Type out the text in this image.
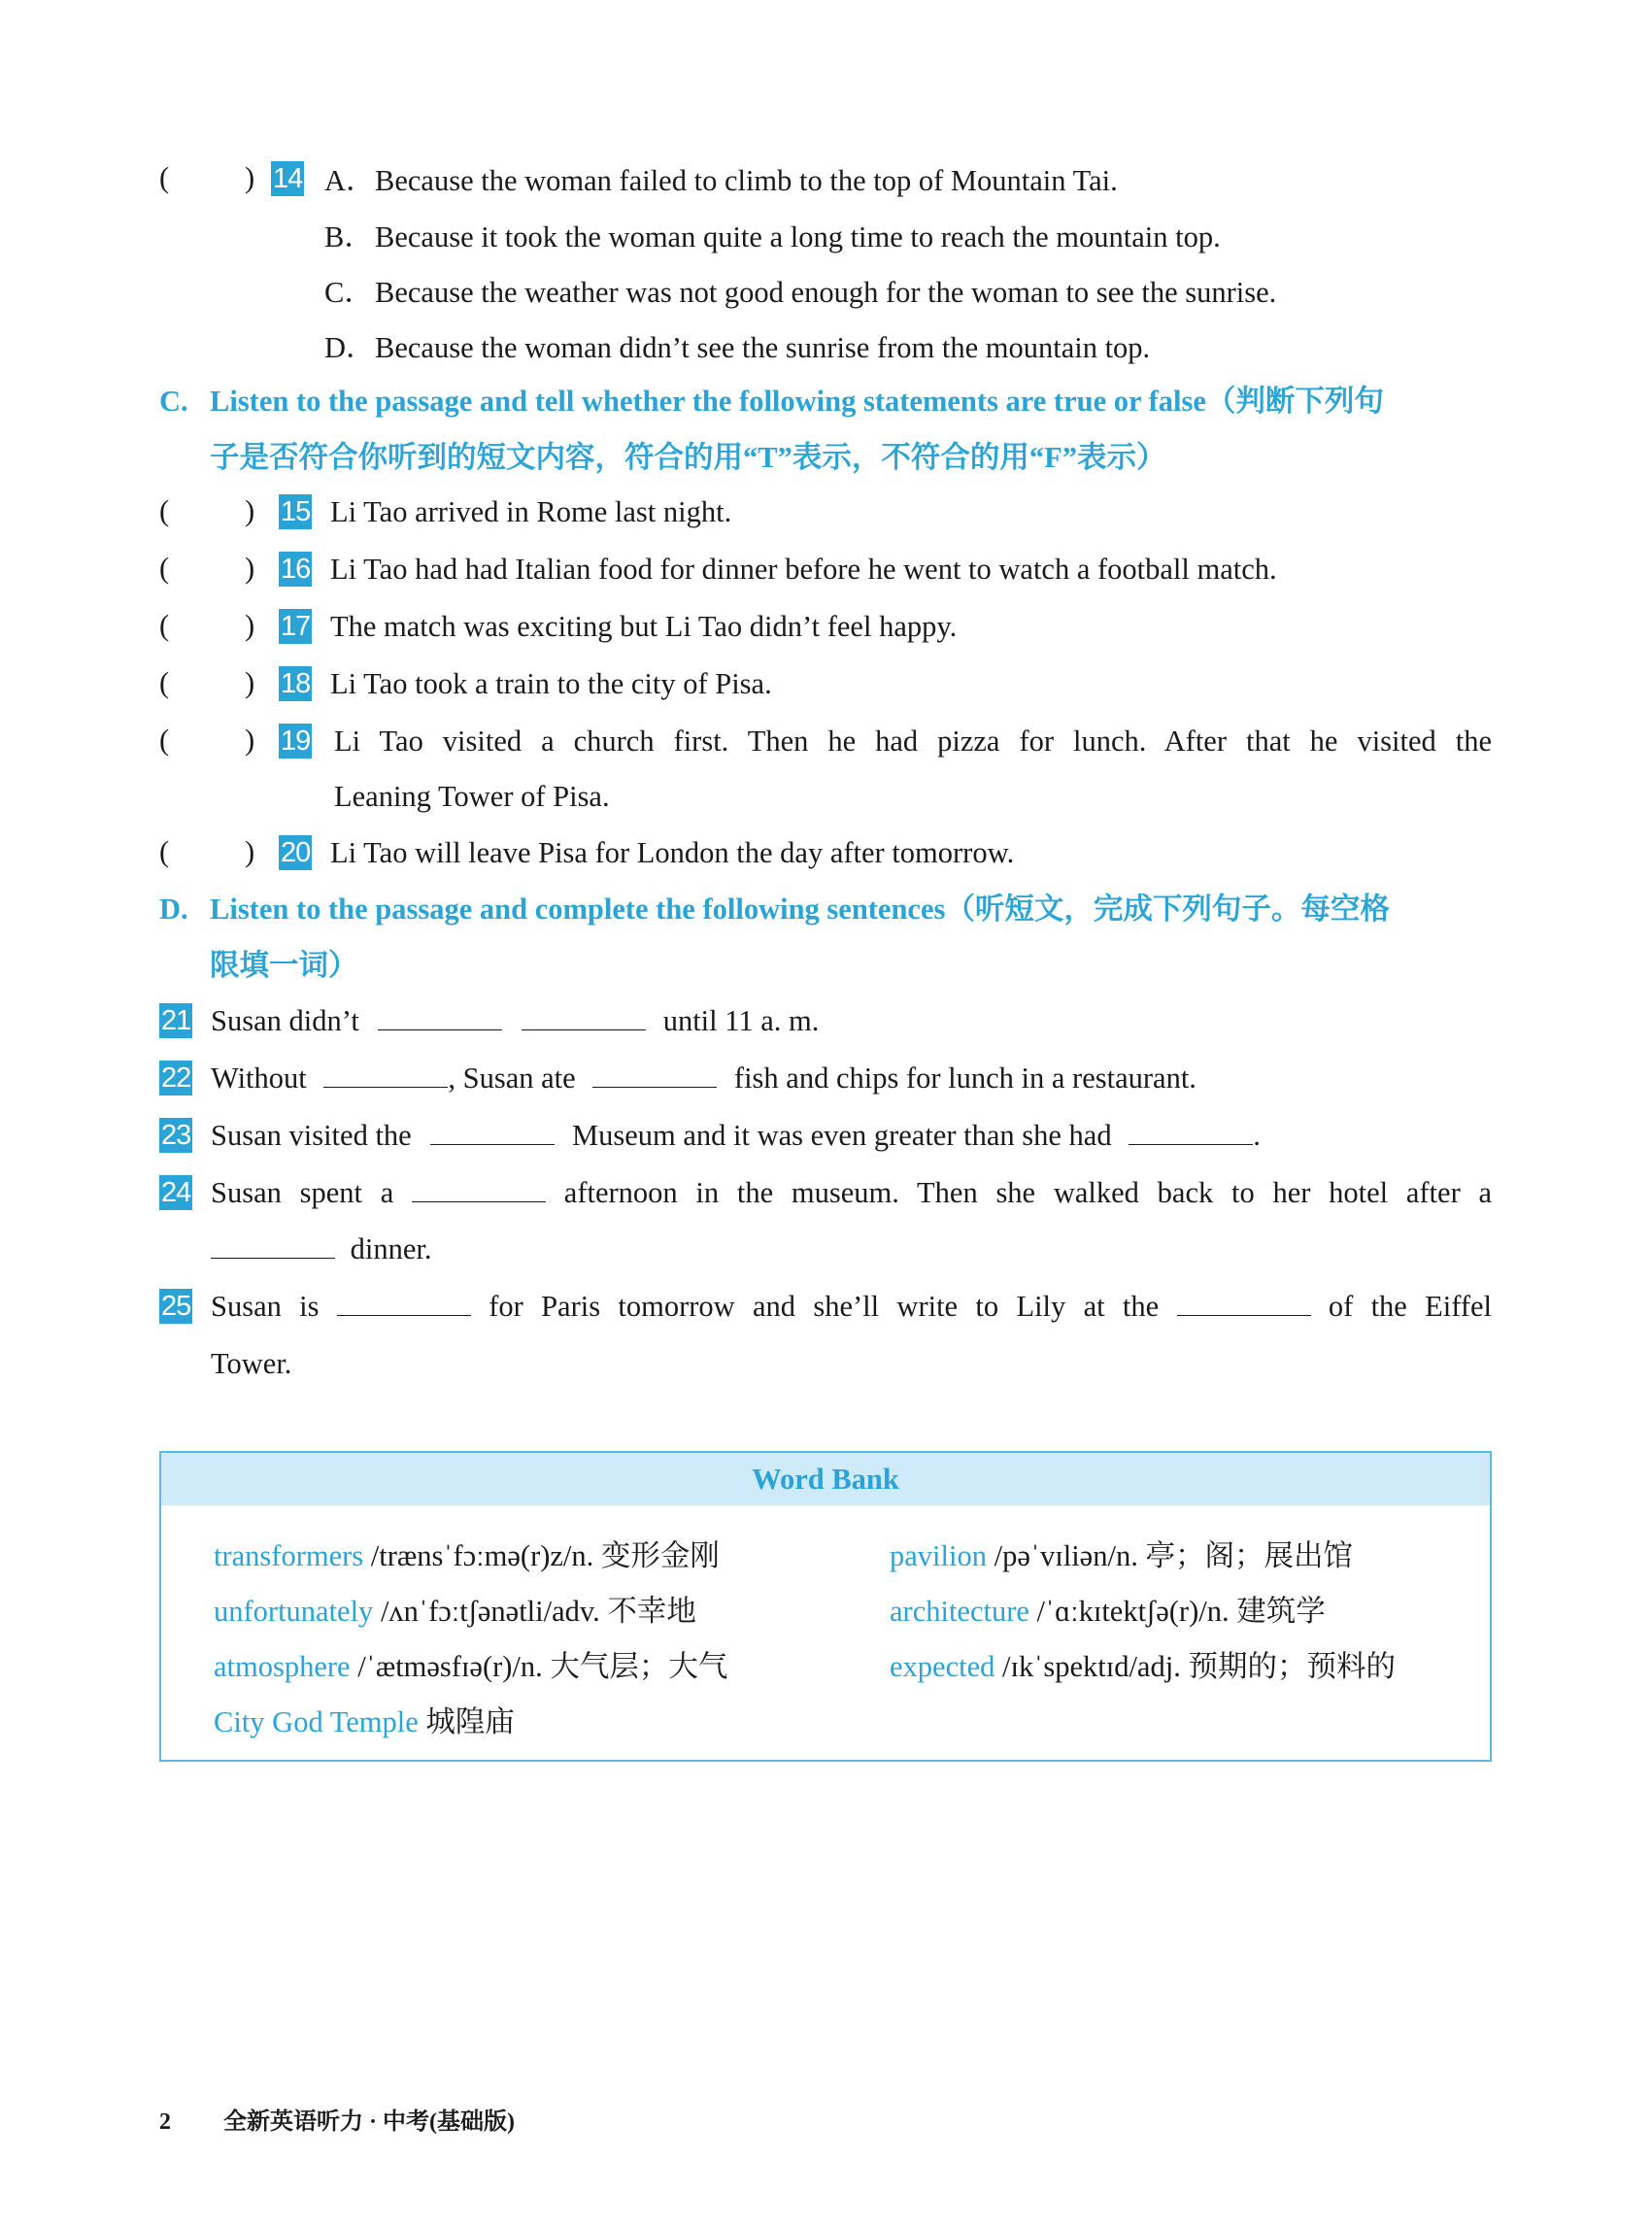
(	) 14 A．Because the woman failed to climb to the top of Mountain Tai.
B．Because it took the woman quite a long time to reach the mountain top.
C．Because the weather was not good enough for the woman to see the sunrise.
D．Because the woman didn’t see the sunrise from the mountain top.
C. Listen to the passage and tell whether the following statements are true or false（判断下列句
子是否符合你听到的短文内容，符合的用“T”表示，不符合的用“F”表示）
(	) 15 Li Tao arrived in Rome last night.
(	) 16 Li Tao had had Italian food for dinner before he went to watch a football match.
(	) 17 The match was exciting but Li Tao didn’t feel happy.
(	) 18 Li Tao took a train to the city of Pisa.
(	) 19 Li Tao visited a church first. Then he had pizza for lunch. After that he visited the
Leaning Tower of Pisa.
(	) 20 Li Tao will leave Pisa for London the day after tomorrow.
D. Listen to the passage and complete the following sentences（听短文，完成下列句子。每空格
限填一词）
21 Susan didn’t	until 11 a. m.
22 Without	, Susan ate	fish and chips for lunch in a restaurant.
23 Susan visited the	Museum and it was even greater than she had	.
24 Susan spent a	afternoon in the museum. Then she walked back to her hotel after a
dinner.
25 Susan is	for Paris tomorrow and she’ll write to Lily at the	of the Eiffel
Tower.
Word Bank
transformers /trænsˈfɔːmə(r)z/n. 变形金刚
unfortunately /ʌnˈfɔːtʃənətli/adv. 不幸地
atmosphere /ˈætməsfɪə(r)/n. 大气层；大气
City God Temple 城隍庙
pavilion /pəˈvɪliən/n. 亭；阁；展出馆
architecture /ˈɑːkɪtektʃə(r)/n. 建筑学
expected /ɪkˈspektɪd/adj. 预期的；预料的
2 全新英语听力 · 中考(基础版)
